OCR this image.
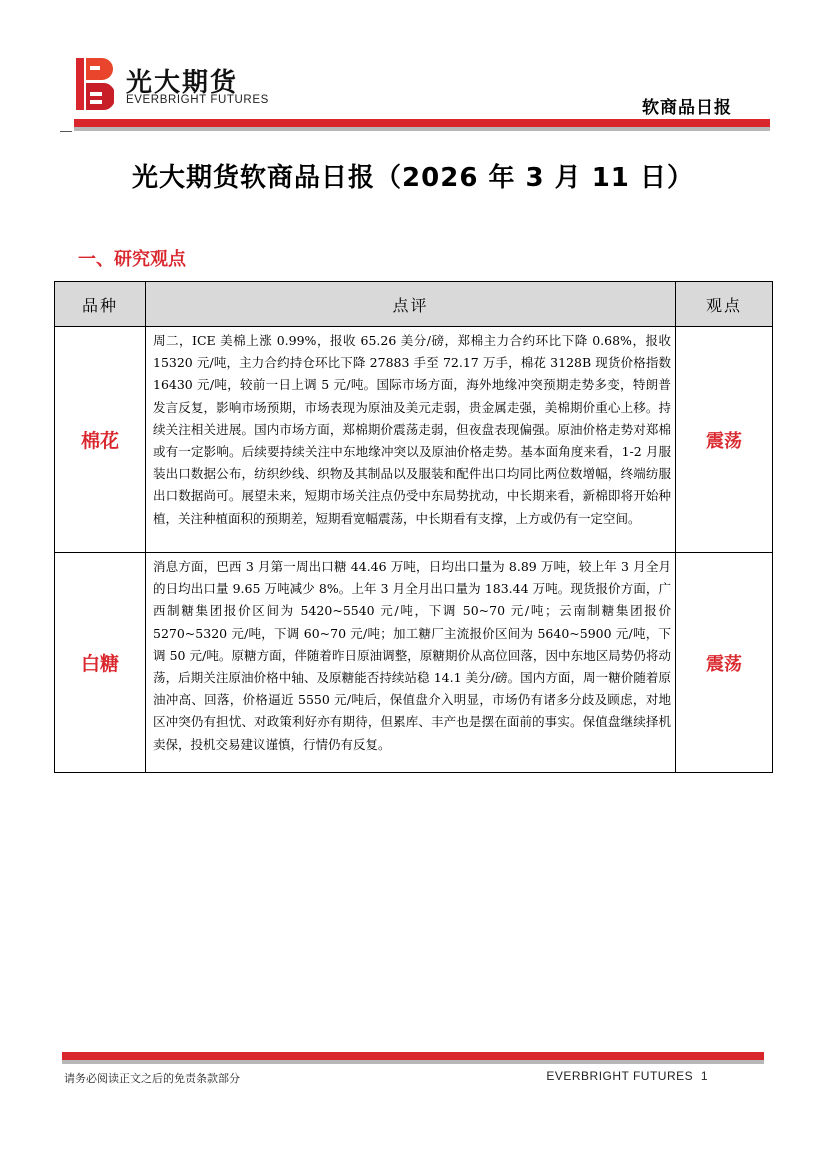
光大期货
EVERBRIGHT FUTURES	软商品日报
光大期货软商品日报（2026 年 3 月 11 日）
一、研究观点
品种	点评	观点
棉花	周二，ICE 美棉上涨 0.99%，报收 65.26 美分/磅，郑棉主力合约环比下降 0.68%，报收 15320 元/吨，主力合约持仓环比下降 27883 手至 72.17 万手，棉花 3128B 现货价格指数 16430 元/吨，较前一日上调 5 元/吨。国际市场方面，海外地缘冲突预期走势多变，特朗普发言反复，影响市场预期，市场表现为原油及美元走弱，贵金属走强，美棉期价重心上移。持续关注相关进展。国内市场方面，郑棉期价震荡走弱，但夜盘表现偏强。原油价格走势对郑棉或有一定影响。后续要持续关注中东地缘冲突以及原油价格走势。基本面角度来看，1-2 月服装出口数据公布，纺织纱线、织物及其制品以及服装和配件出口均同比两位数增幅，终端纺服出口数据尚可。展望未来，短期市场关注点仍受中东局势扰动，中长期来看，新棉即将开始种植，关注种植面积的预期差，短期看宽幅震荡，中长期看有支撑，上方或仍有一定空间。	震荡
白糖	消息方面，巴西 3 月第一周出口糖 44.46 万吨，日均出口量为 8.89 万吨，较上年 3 月全月的日均出口量 9.65 万吨减少 8%。上年 3 月全月出口量为 183.44 万吨。现货报价方面，广西制糖集团报价区间为 5420~5540 元/吨，下调 50~70 元/吨；云南制糖集团报价 5270~5320 元/吨，下调 60~70 元/吨；加工糖厂主流报价区间为 5640~5900 元/吨，下调 50 元/吨。原糖方面，伴随着昨日原油调整，原糖期价从高位回落，因中东地区局势仍将动荡，后期关注原油价格中轴、及原糖能否持续站稳 14.1 美分/磅。国内方面，周一糖价随着原油冲高、回落，价格逼近 5550 元/吨后，保值盘介入明显，市场仍有诸多分歧及顾虑，对地区冲突仍有担忧、对政策利好亦有期待，但累库、丰产也是摆在面前的事实。保值盘继续择机卖保，投机交易建议谨慎，行情仍有反复。	震荡
请务必阅读正文之后的免责条款部分	EVERBRIGHT FUTURES 1
